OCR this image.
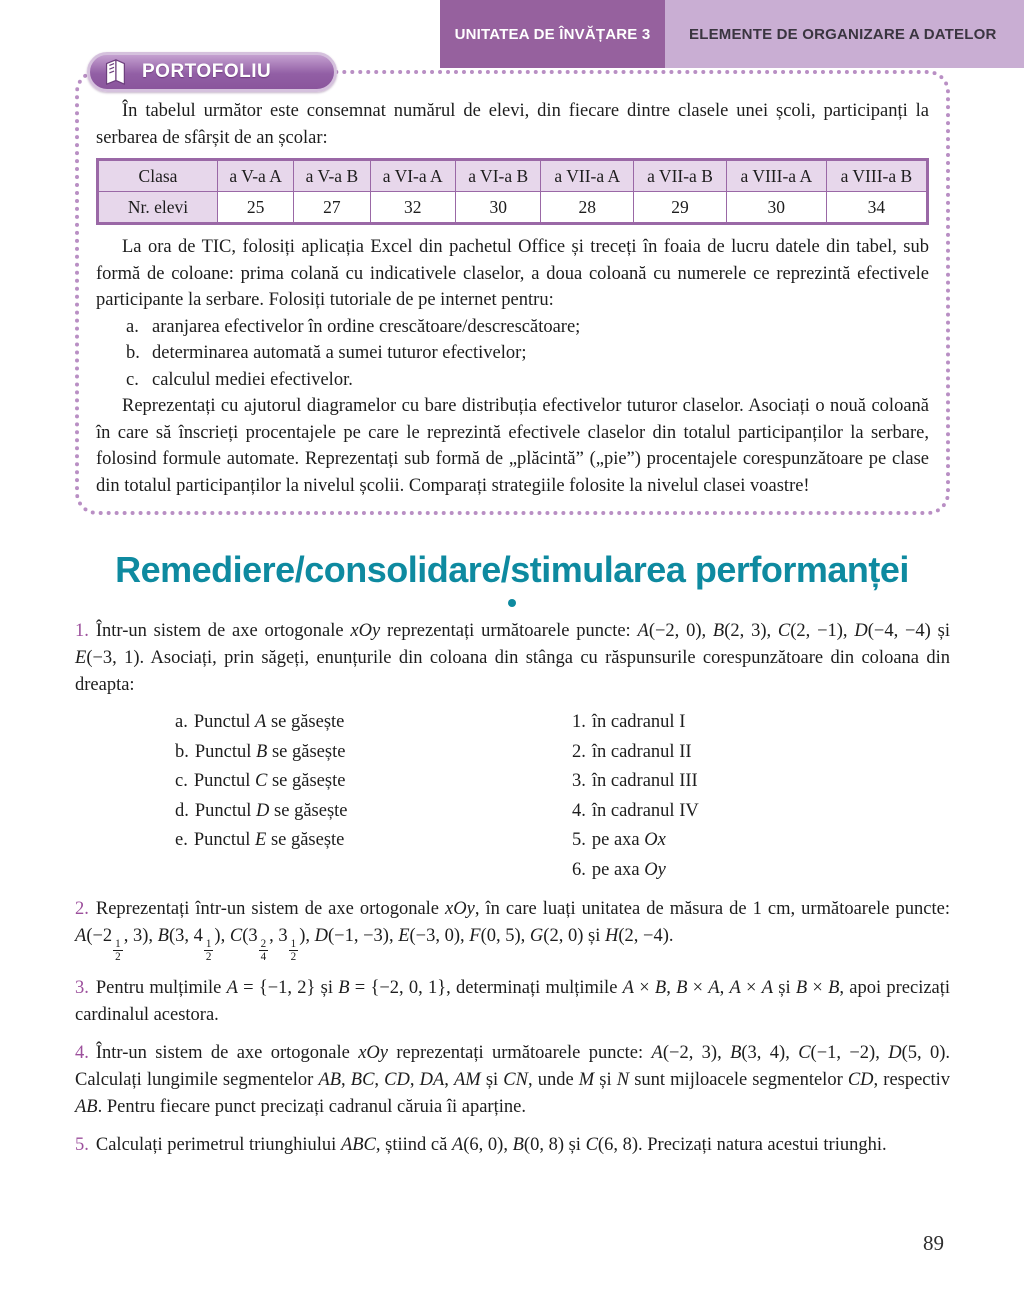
UNITATEA DE ÎNVĂȚARE 3	ELEMENTE DE ORGANIZARE A DATELOR
PORTOFOLIU

În tabelul următor este consemnat numărul de elevi, din fiecare dintre clasele unei școli, participanți la serbarea de sfârșit de an școlar:

Clasa	a V-a A	a V-a B	a VI-a A	a VI-a B	a VII-a A	a VII-a B	a VIII-a A	a VIII-a B
Nr. elevi	25	27	32	30	28	29	30	34

La ora de TIC, folosiți aplicația Excel din pachetul Office și treceți în foaia de lucru datele din tabel, sub formă de coloane: prima colană cu indicativele claselor, a doua coloană cu numerele ce reprezintă efectivele participante la serbare. Folosiți tutoriale de pe internet pentru:

a. aranjarea efectivelor în ordine crescătoare/descrescătoare;
b. determinarea automată a sumei tuturor efectivelor;
c. calculul mediei efectivelor.

Reprezentați cu ajutorul diagramelor cu bare distribuția efectivelor tuturor claselor. Asociați o nouă coloană în care să înscrieți procentajele pe care le reprezintă efectivele claselor din totalul participanților la serbare, folosind formule automate. Reprezentați sub formă de „plăcintă” („pie”) procentajele corespunzătoare pe clase din totalul participanților la nivelul școlii. Comparați strategiile folosite la nivelul clasei voastre!

Remediere/consolidare/stimularea performanței

1. Într-un sistem de axe ortogonale xOy reprezentați următoarele puncte: A(−2, 0), B(2, 3), C(2, −1), D(−4, −4) și E(−3, 1). Asociați, prin săgeți, enunțurile din coloana din stânga cu răspunsurile corespunzătoare din coloana din dreapta:

a. Punctul A se găsește
b. Punctul B se găsește
c. Punctul C se găsește
d. Punctul D se găsește
e. Punctul E se găsește
1. în cadranul I
2. în cadranul II
3. în cadranul III
4. în cadranul IV
5. pe axa Ox
6. pe axa Oy

2. Reprezentați într-un sistem de axe ortogonale xOy, în care luați unitatea de măsura de 1 cm, următoarele puncte: A(−2
$\frac{1}{2}$
, 3), B(3, 4
$\frac{1}{2}$
), C(3
$\frac{2}{4}$
, 3
$\frac{1}{2}$
), D(−1, −3), E(−3, 0), F(0, 5), G(2, 0) și H(2, −4).

3. Pentru mulțimile A = {−1, 2} și B = {−2, 0, 1}, determinați mulțimile A × B, B × A, A × A și B × B, apoi precizați cardinalul acestora.

4. Într-un sistem de axe ortogonale xOy reprezentați următoarele puncte: A(−2, 3), B(3, 4), C(−1, −2), D(5, 0). Calculați lungimile segmentelor AB, BC, CD, DA, AM și CN, unde M și N sunt mijloacele segmentelor CD, respectiv AB. Pentru fiecare punct precizați cadranul căruia îi aparține.

5. Calculați perimetrul triunghiului ABC, știind că A(6, 0), B(0, 8) și C(6, 8). Precizați natura acestui triunghi.

89
